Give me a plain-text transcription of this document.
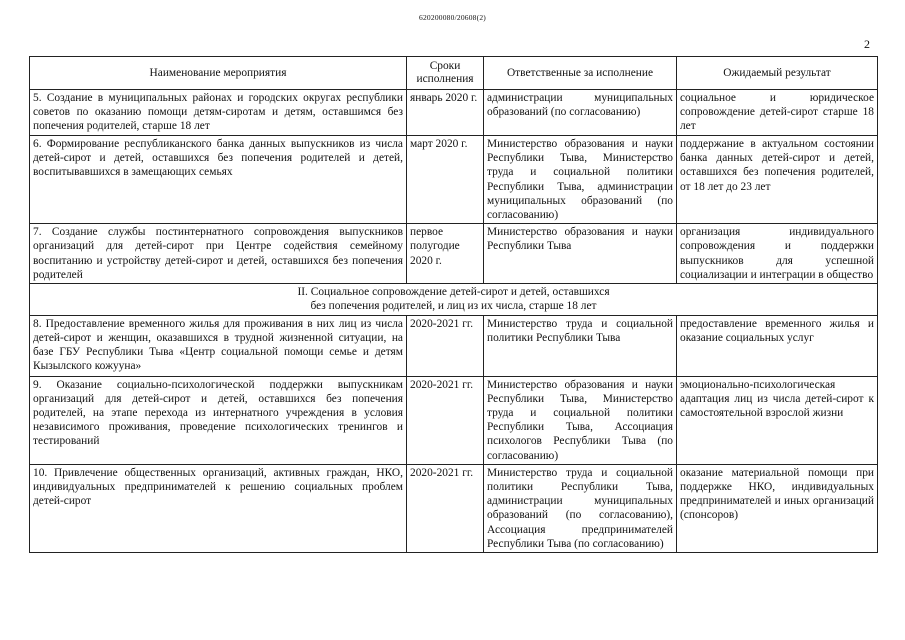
620200080/20608(2)
2
Наименование мероприятия	Сроки исполнения	Ответственные за исполнение	Ожидаемый результат
5. Создание в муниципальных районах и городских округах республики советов по оказанию помощи детям-сиротам и детям, оставшимся без попечения родителей, старше 18 лет	январь 2020 г.	администрации муниципальных образований (по согласованию)	социальное и юридическое сопровождение детей-сирот старше 18 лет
6. Формирование республиканского банка данных выпускников из числа детей-сирот и детей, оставшихся без попечения родителей и детей, воспитывавшихся в замещающих семьях	март 2020 г.	Министерство образования и науки Республики Тыва, Министерство труда и социальной политики Республики Тыва, администрации муниципальных образований (по согласованию)	поддержание в актуальном состоянии банка данных детей-сирот и детей, оставшихся без попечения родителей, от 18 лет до 23 лет
7. Создание службы постинтернатного сопровождения выпускников организаций для детей-сирот при Центре содействия семейному воспитанию и устройству детей-сирот и детей, оставшихся без попечения родителей	первое полугодие 2020 г.	Министерство образования и науки Республики Тыва	организация индивидуального сопровождения и поддержки выпускников для успешной социализации и интеграции в общество

II. Социальное сопровождение детей-сирот и детей, оставшихся
без попечения родителей, и лиц из их числа, старше 18 лет			

8. Предоставление временного жилья для проживания в них лиц из числа детей-сирот и женщин, оказавшихся в трудной жизненной ситуации, на базе ГБУ Республики Тыва «Центр социальной помощи семье и детям Кызылского кожууна»	2020-2021 гг.	Министерство труда и социальной политики Республики Тыва	предоставление временного жилья и оказание социальных услуг
9. Оказание социально-психологической поддержки выпускникам организаций для детей-сирот и детей, оставшихся без попечения родителей, на этапе перехода из интернатного учреждения в условия независимого проживания, проведение психологических тренингов и тестирований	2020-2021 гг.	Министерство образования и науки Республики Тыва, Министерство труда и социальной политики Республики Тыва, Ассоциация психологов Республики Тыва (по согласованию)	эмоционально-психологическая адаптация лиц из числа детей-сирот к самостоятельной взрослой жизни
10. Привлечение общественных организаций, активных граждан, НКО, индивидуальных предпринимателей к решению социальных проблем детей-сирот	2020-2021 гг.	Министерство труда и социальной политики Республики Тыва, администрации муниципальных образований (по согласованию), Ассоциация предпринимателей Республики Тыва (по согласованию)	оказание материальной помощи при поддержке НКО, индивидуальных предпринимателей и иных организаций (спонсоров)
